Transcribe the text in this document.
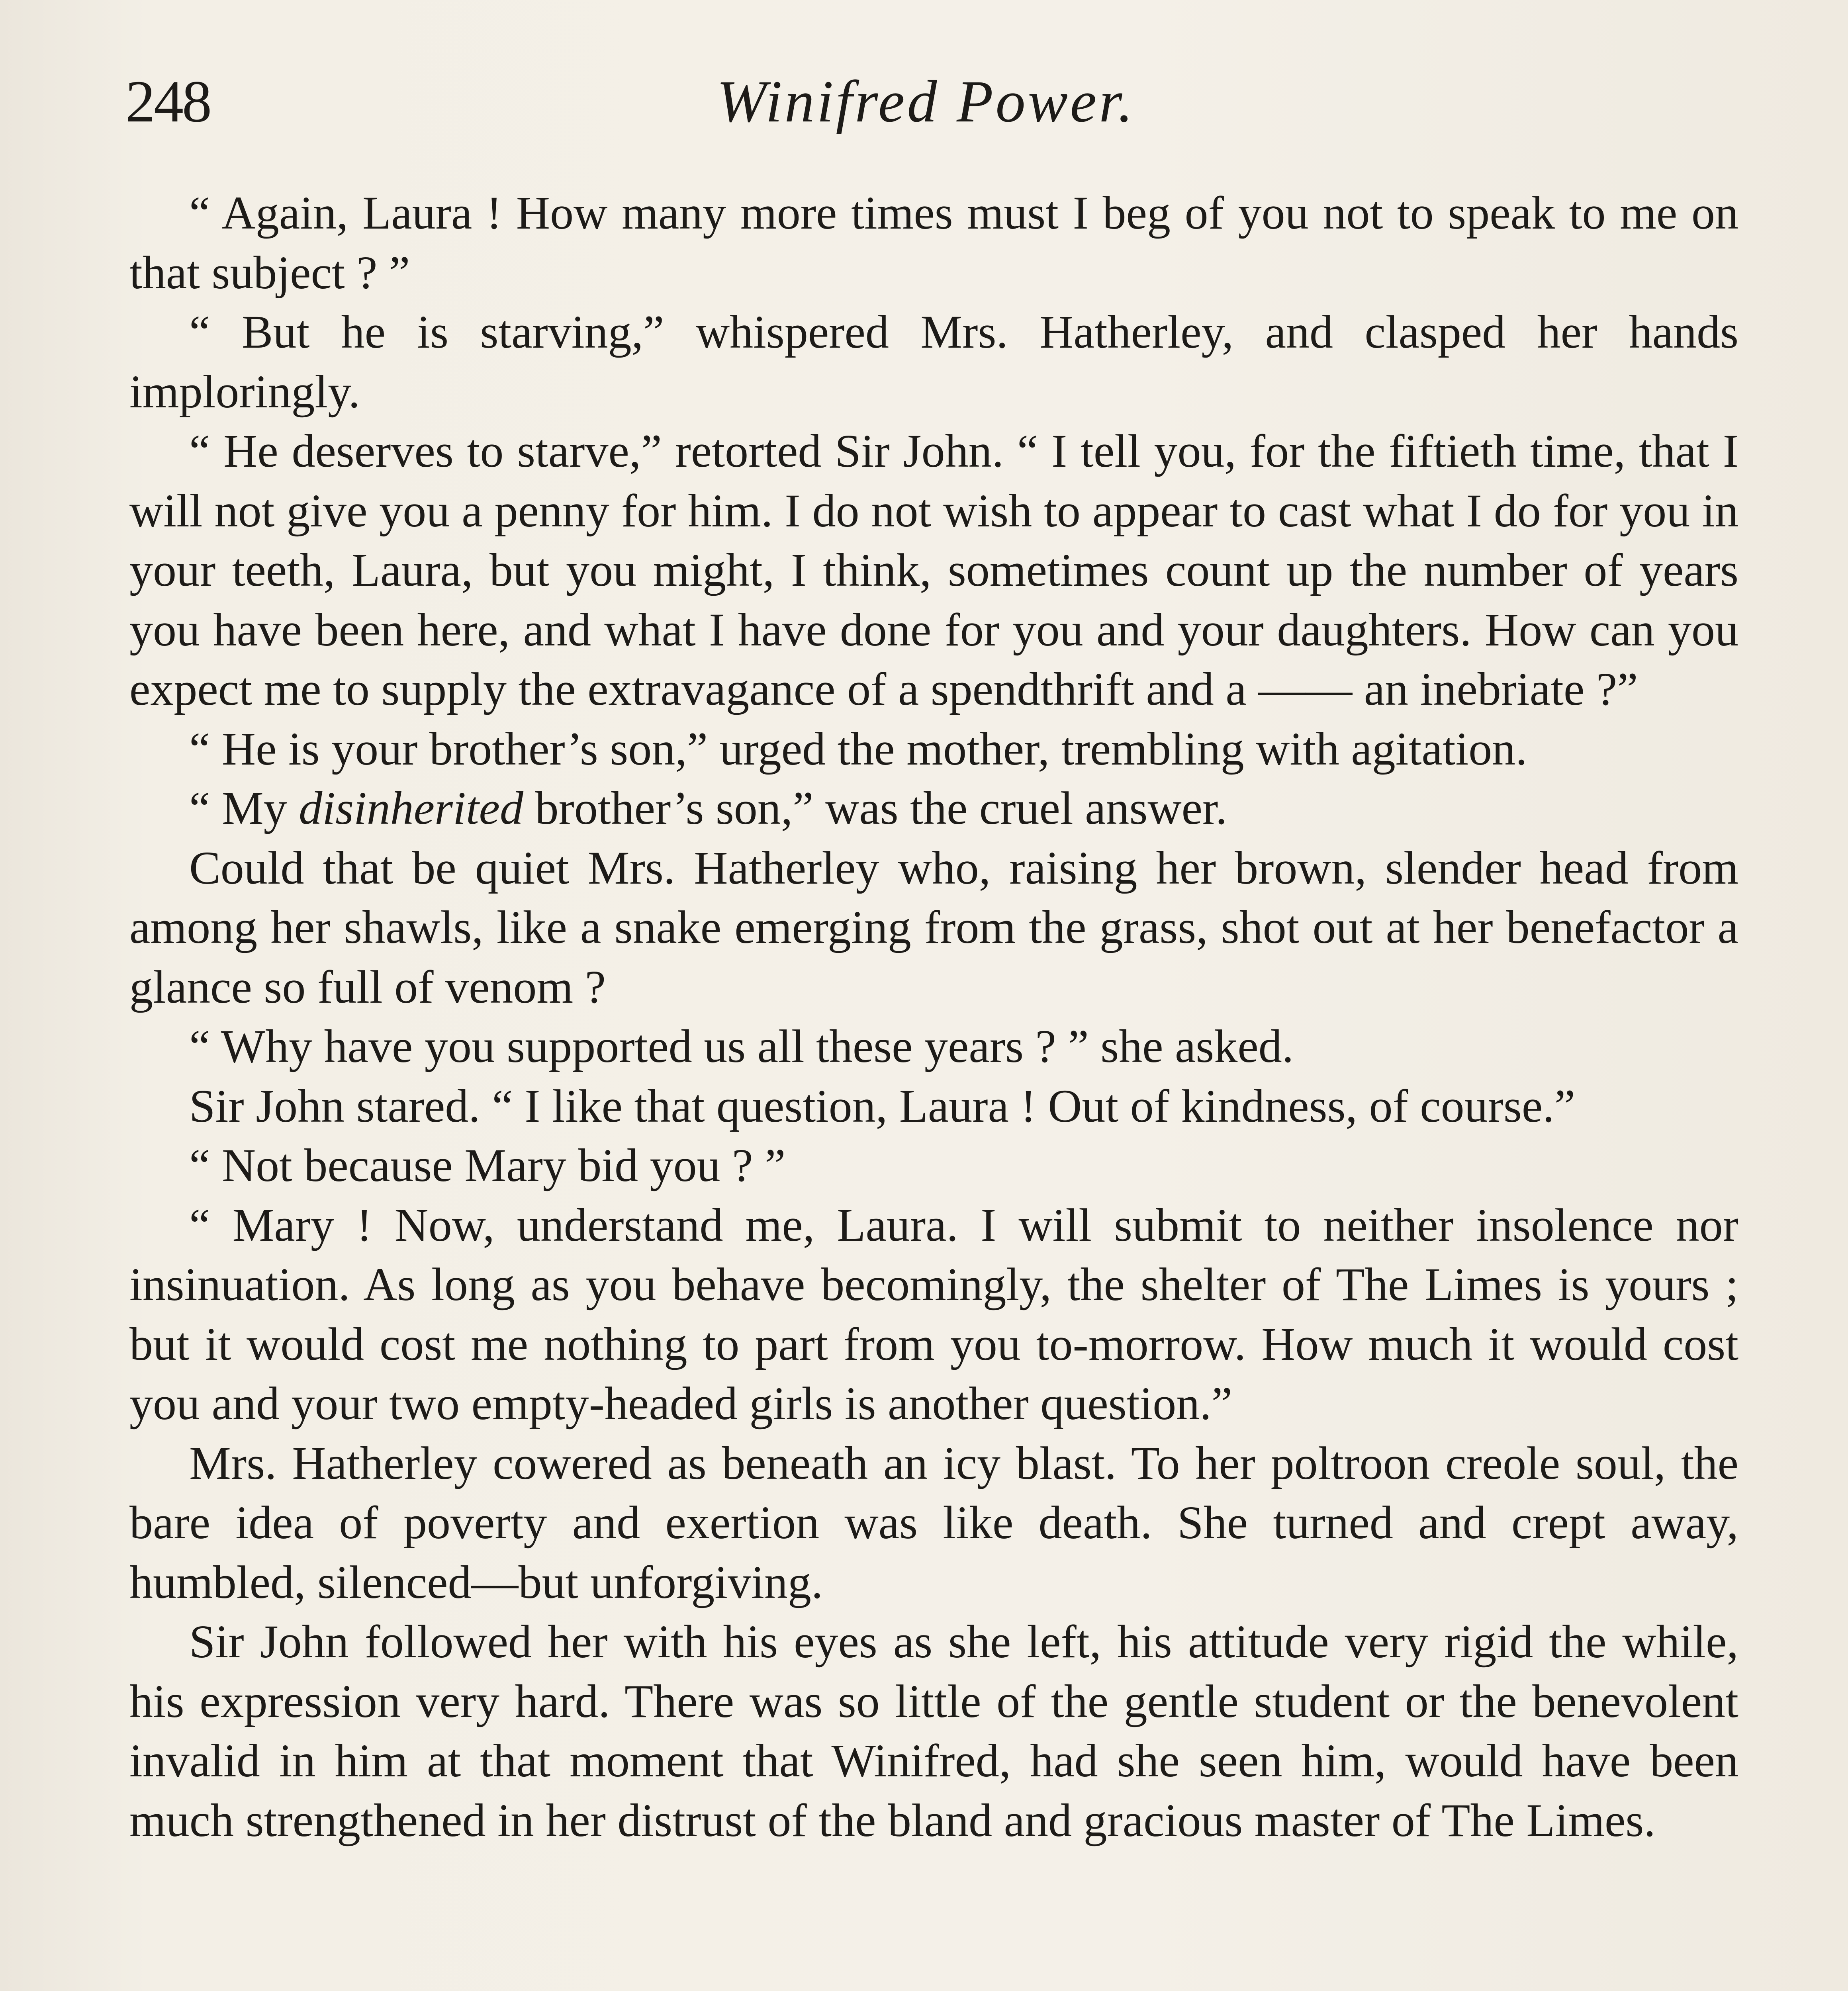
248	Winifred Power.

“ Again, Laura ! How many more times must I beg of you not to speak to me on that subject ? ”

“ But he is starving,” whispered Mrs. Hatherley, and clasped her hands imploringly.

“ He deserves to starve,” retorted Sir John. “ I tell you, for the fiftieth time, that I will not give you a penny for him. I do not wish to appear to cast what I do for you in your teeth, Laura, but you might, I think, sometimes count up the number of years you have been here, and what I have done for you and your daughters. How can you expect me to supply the extravagance of a spendthrift and a —— an inebriate ?”

“ He is your brother’s son,” urged the mother, trembling with agitation.

“ My disinherited brother’s son,” was the cruel answer.

Could that be quiet Mrs. Hatherley who, raising her brown, slender head from among her shawls, like a snake emerging from the grass, shot out at her benefactor a glance so full of venom ?

“ Why have you supported us all these years ? ” she asked.

Sir John stared. “ I like that question, Laura ! Out of kindness, of course.”

“ Not because Mary bid you ? ”

“ Mary ! Now, understand me, Laura. I will submit to neither insolence nor insinuation. As long as you behave becomingly, the shelter of The Limes is yours ; but it would cost me nothing to part from you to-morrow. How much it would cost you and your two empty-headed girls is another question.”

Mrs. Hatherley cowered as beneath an icy blast. To her poltroon creole soul, the bare idea of poverty and exertion was like death. She turned and crept away, humbled, silenced—but unforgiving.

Sir John followed her with his eyes as she left, his attitude very rigid the while, his expression very hard. There was so little of the gentle student or the benevolent invalid in him at that moment that Winifred, had she seen him, would have been much strengthened in her distrust of the bland and gracious master of The Limes.
